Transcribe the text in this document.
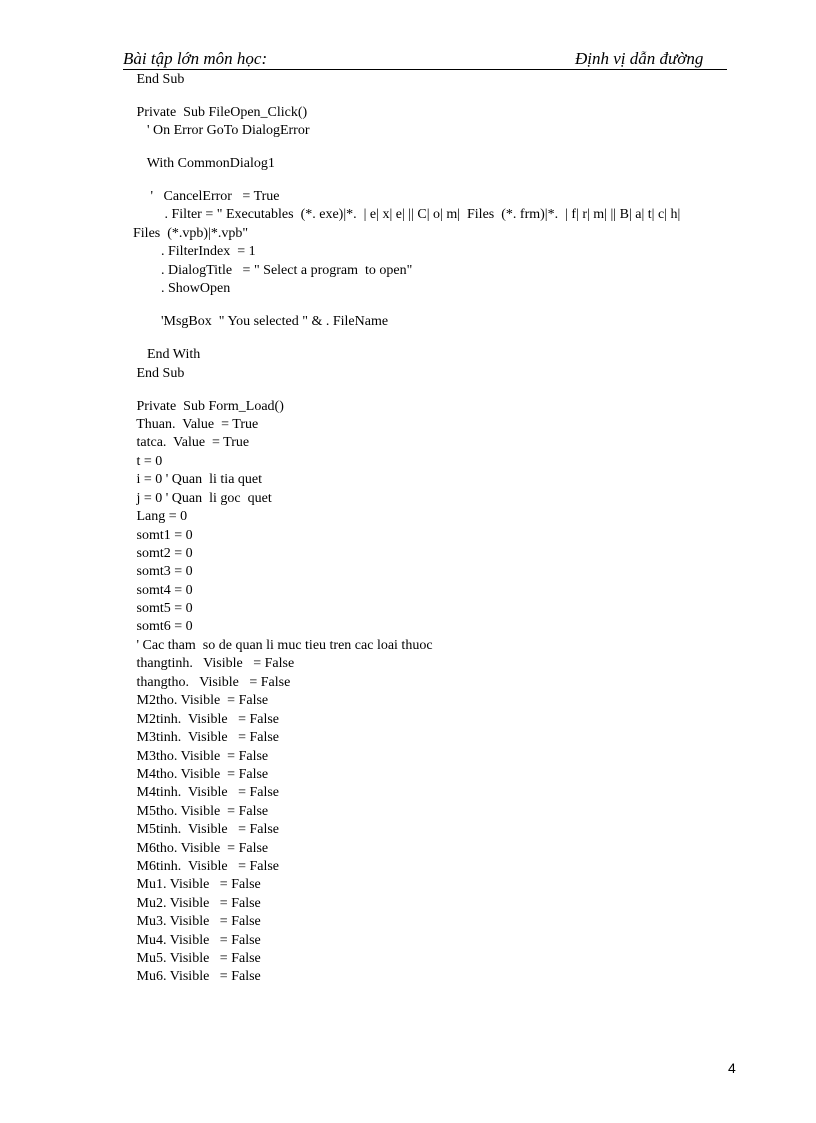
Bài tập lớn môn học:	Định vị dẫn đường
End Sub
Private  Sub FileOpen_Click()
' On Error GoTo DialogError
With CommonDialog1
'   CancelError   = True
. Filter = " Executables  (*. exe)|*.  | e| x| e| || C| o| m|  Files  (*. frm)|*.  | f| r| m| || B| a| t| c| h|
Files  (*.vpb)|*.vpb"
. FilterIndex  = 1
. DialogTitle   = " Select a program  to open"
. ShowOpen
'MsgBox  " You selected " & . FileName
End With
End Sub
Private  Sub Form_Load()
Thuan.  Value  = True
tatca.  Value  = True
t = 0
i = 0 ' Quan  li tia quet
j = 0 ' Quan  li goc  quet
Lang = 0
somt1 = 0
somt2 = 0
somt3 = 0
somt4 = 0
somt5 = 0
somt6 = 0
' Cac tham  so de quan li muc tieu tren cac loai thuoc
thangtinh.   Visible   = False
thangtho.   Visible   = False
M2tho. Visible  = False
M2tinh.  Visible   = False
M3tinh.  Visible   = False
M3tho. Visible  = False
M4tho. Visible  = False
M4tinh.  Visible   = False
M5tho. Visible  = False
M5tinh.  Visible   = False
M6tho. Visible  = False
M6tinh.  Visible   = False
Mu1. Visible   = False
Mu2. Visible   = False
Mu3. Visible   = False
Mu4. Visible   = False
Mu5. Visible   = False
Mu6. Visible   = False
4
